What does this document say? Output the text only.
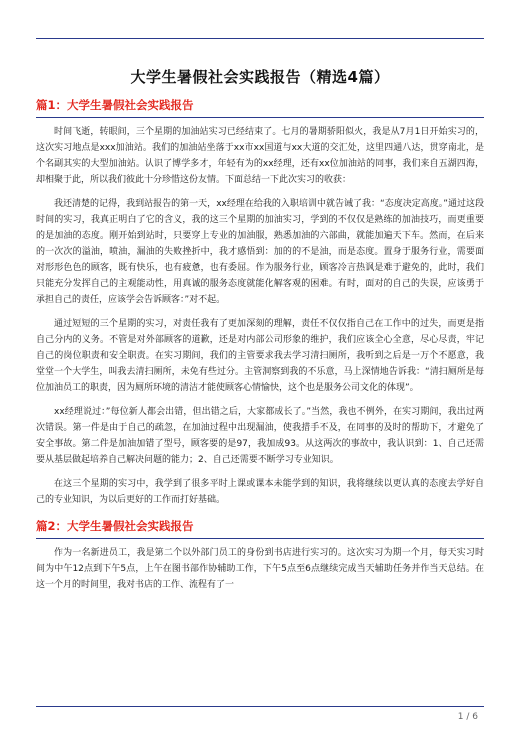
大学生暑假社会实践报告（精选4篇）
篇1：大学生暑假社会实践报告

时间飞逝，转眼间，三个星期的加油站实习已经结束了。七月的暑期骄阳似火，我是从7月1日开始实习的，这次实习地点是xxx加油站。我们的加油站坐落于xx市xx国道与xx大道的交汇处，这里四通八达，贯穿南北，是个名副其实的大型加油站。认识了博学多才，年轻有为的xx经理，还有xx位加油站的同事，我们来自五湖四海，却相聚于此，所以我们彼此十分珍惜这份友情。下面总结一下此次实习的收获：

我还清楚的记得，我到站报告的第一天，xx经理在给我的入职培训中就告诫了我：“态度决定高度。”通过这段时间的实习，我真正明白了它的含义，我的这三个星期的加油实习，学到的不仅仅是熟练的加油技巧，而更重要的是加油的态度。刚开始到站时，只要穿上专业的加油服，熟悉加油的六部曲，就能加遍天下车。然而，在后来的一次次的溢油，喷油，漏油的失败挫折中，我才感悟到：加的的不是油，而是态度。置身于服务行业，需要面对形形色色的顾客，既有快乐，也有疲惫，也有委屈。作为服务行业，顾客冷言热讽是难于避免的，此时，我们只能充分发挥自己的主观能动性，用真诚的服务态度就能化解客观的困难。有时，面对的自己的失误，应该勇于承担自己的责任，应该学会告诉顾客：”对不起。

通过短短的三个星期的实习，对责任我有了更加深刻的理解，责任不仅仅指自己在工作中的过失，而更是指自己分内的义务。不管是对外部顾客的道歉，还是对内部公司形象的维护，我们应该全心全意，尽心尽责，牢记自己的岗位职责和安全职责。在实习期间，我们的主管要求我去学习清扫厕所，我听到之后是一万个不愿意，我堂堂一个大学生，叫我去清扫厕所，未免有些过分。主管洞察到我的不乐意，马上深情地告诉我：“清扫厕所是每位加油员工的职责，因为厕所环境的清洁才能使顾客心情愉快，这个也是服务公司文化的体现”。

xx经理说过：”每位新人都会出错，但出错之后，大家都成长了。”当然，我也不例外，在实习期间，我出过两次错误。第一件是由于自己的疏忽，在加油过程中出现漏油，使我措手不及，在同事的及时的帮助下，才避免了安全事故。第二件是加油加错了型号，顾客要的是97，我加成93。从这两次的事故中，我认识到：1、自己还需要从基层做起培养自己解决问题的能力；2、自己还需要不断学习专业知识。

在这三个星期的实习中，我学到了很多平时上课或课本未能学到的知识，我将继续以更认真的态度去学好自己的专业知识，为以后更好的工作而打好基础。

篇2：大学生暑假社会实践报告

作为一名新进员工，我是第二个以外部门员工的身份到书店进行实习的。这次实习为期一个月，每天实习时间为中午12点到下午5点，上午在图书部作协辅助工作，下午5点至6点继续完成当天辅助任务并作当天总结。在这一个月的时间里，我对书店的工作、流程有了一

1 / 6
